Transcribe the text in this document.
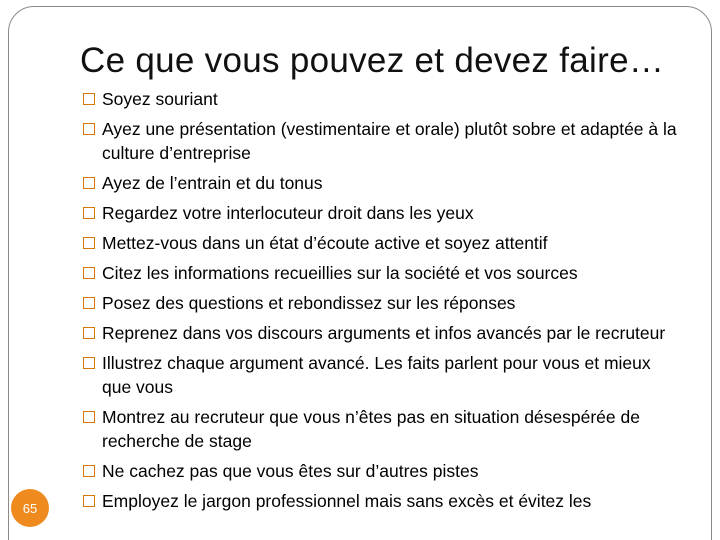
Ce que vous pouvez et devez faire…
Soyez souriant
Ayez une présentation (vestimentaire et orale) plutôt sobre et adaptée à la culture d’entreprise
Ayez de l’entrain et du tonus
Regardez votre interlocuteur droit dans les yeux
Mettez-vous dans un état d’écoute active et soyez attentif
Citez les informations recueillies sur la société et vos sources
Posez des questions et rebondissez sur les réponses
Reprenez dans vos discours arguments et infos avancés par le recruteur
Illustrez chaque argument avancé. Les faits parlent pour vous et mieux que vous
Montrez au recruteur que vous n’êtes pas en situation désespérée de recherche de stage
Ne cachez pas que vous êtes sur d’autres pistes
Employez le jargon professionnel mais sans excès et évitez les
65
